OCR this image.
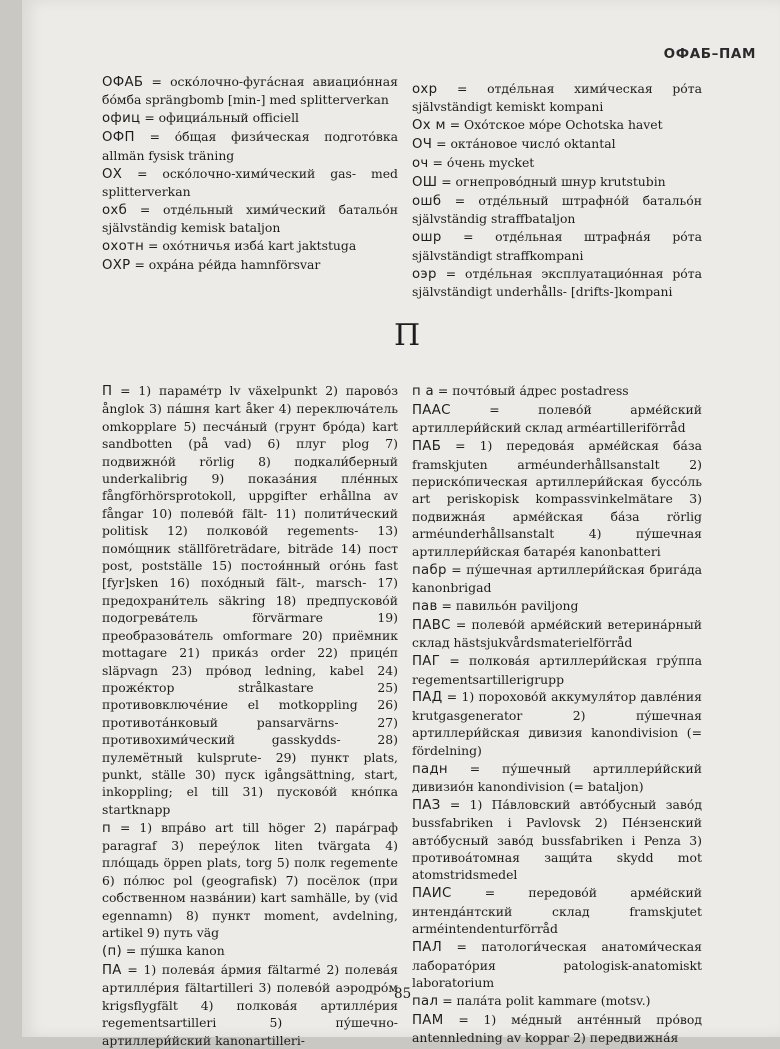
ОФАБ–ПАМ
ОФАБ = оско́лочно-фуга́сная авиацио́нная бо́мба sprängbomb [min-] med splitterverkan
офиц = официа́льный officiell
ОФП = о́бщая физи́ческая подгото́вка allmän fysisk träning
ОХ = оско́лочно-хими́ческий gas- med splitterverkan
охб = отде́льный хими́ческий батальо́н självständig kemisk bataljon
охотн = охо́тничья изба́ kart jaktstuga
ОХР = охра́на ре́йда hamnförsvar
охр = отде́льная хими́ческая ро́та självständigt kemiskt kompani
Ох м = Охо́тское мо́ре Ochotska havet
ОЧ = окта́новое число́ oktantal
оч = о́чень mycket
ОШ = огнепрово́дный шнур krutstubin
ошб = отде́льный штрафно́й батальо́н självständig straffbataljon
ошр = отде́льная штрафна́я ро́та självständigt straffkompani
оэр = отде́льная эксплуатацио́нная ро́та självständigt underhålls- [drifts-]kompani
П
П = 1) параме́тр lv växelpunkt 2) парово́з ånglok 3) па́шня kart åker 4) переключа́тель omkopplare 5) песча́ный (грунт бро́да) kart sandbotten (på vad) 6) плуг plog 7) подвижно́й rörlig 8) подкали́берный underkalibrig 9) показа́ния пле́нных fångförhörsprotokoll, uppgifter erhållna av fångar 10) полево́й fält- 11) полити́ческий politisk 12) полково́й regements- 13) помо́щник ställföreträdare, biträde 14) пост post, postställe 15) постоя́нный ого́нь fast [fyr]sken 16) похо́дный fält-, marsch- 17) предохрани́тель säkring 18) предпусково́й подогрева́тель förvärmare 19) преобразова́тель omformare 20) приёмник mottagare 21) прика́з order 22) прице́п släpvagn 23) про́вод ledning, kabel 24) проже́ктор strålkastare 25) противовключе́ние el motkoppling 26) противота́нковый pansarvärns- 27) противохими́ческий gasskydds- 28) пулемётный kulsprute- 29) пункт plats, punkt, ställe 30) пуск igångsättning, start, inkoppling; el till 31) пусково́й кно́пка startknapp
п = 1) впра́во art till höger 2) пара́граф paragraf 3) переу́лок liten tvärgata 4) пло́щадь öppen plats, torg 5) полк regemente 6) по́люс pol (geografisk) 7) посёлок (при собственном назва́нии) kart samhälle, by (vid egennamn) 8) пункт moment, avdelning, artikel 9) путь väg
(п) = пу́шка kanon
ПА = 1) полева́я а́рмия fältarmé 2) полева́я артилле́рия fältartilleri 3) полево́й аэродро́м krigsflygfält 4) полкова́я артилле́рия regementsartilleri 5) пу́шечно-артиллери́йский kanonartilleri-
п а = почто́вый а́дрес postadress
ПААС = полево́й арме́йский артиллери́йский склад arméartilleriförråd
ПАБ = 1) передова́я арме́йская ба́за framskjuten arméunderhållsanstalt 2) периско́пическая артиллери́йская буссо́ль art periskopisk kompassvinkelmätare 3) подвижна́я арме́йская ба́за rörlig arméunderhållsanstalt 4) пу́шечная артиллери́йская батаре́я kanonbatteri
пабр = пу́шечная артиллери́йская брига́да kanonbrigad
пав = павильо́н paviljong
ПАВС = полево́й арме́йский ветерина́рный склад hästsjukvårdsmaterielförråd
ПАГ = полкова́я артиллери́йская гру́ппа regementsartillerigrupp
ПАД = 1) порохово́й аккумуля́тор давле́ния krutgasgenerator 2) пу́шечная артиллери́йская дивизия kanondivision (= fördelning)
падн = пу́шечный артиллери́йский дивизио́н kanondivision (= bataljon)
ПАЗ = 1) Па́вловский авто́бусный заво́д bussfabriken i Pavlovsk 2) Пе́нзенский авто́бусный заво́д bussfabriken i Penza 3) противоа́томная защи́та skydd mot atomstridsmedel
ПАИС = передово́й арме́йский интенда́нтский склад framskjutet arméintendenturförråd
ПАЛ = патологи́ческая анатоми́ческая лаборато́рия patologisk-anatomiskt laboratorium
пал = пала́та polit kammare (motsv.)
ПАМ = 1) ме́дный анте́нный про́вод antennledning av koppar 2) передвижна́я
85
